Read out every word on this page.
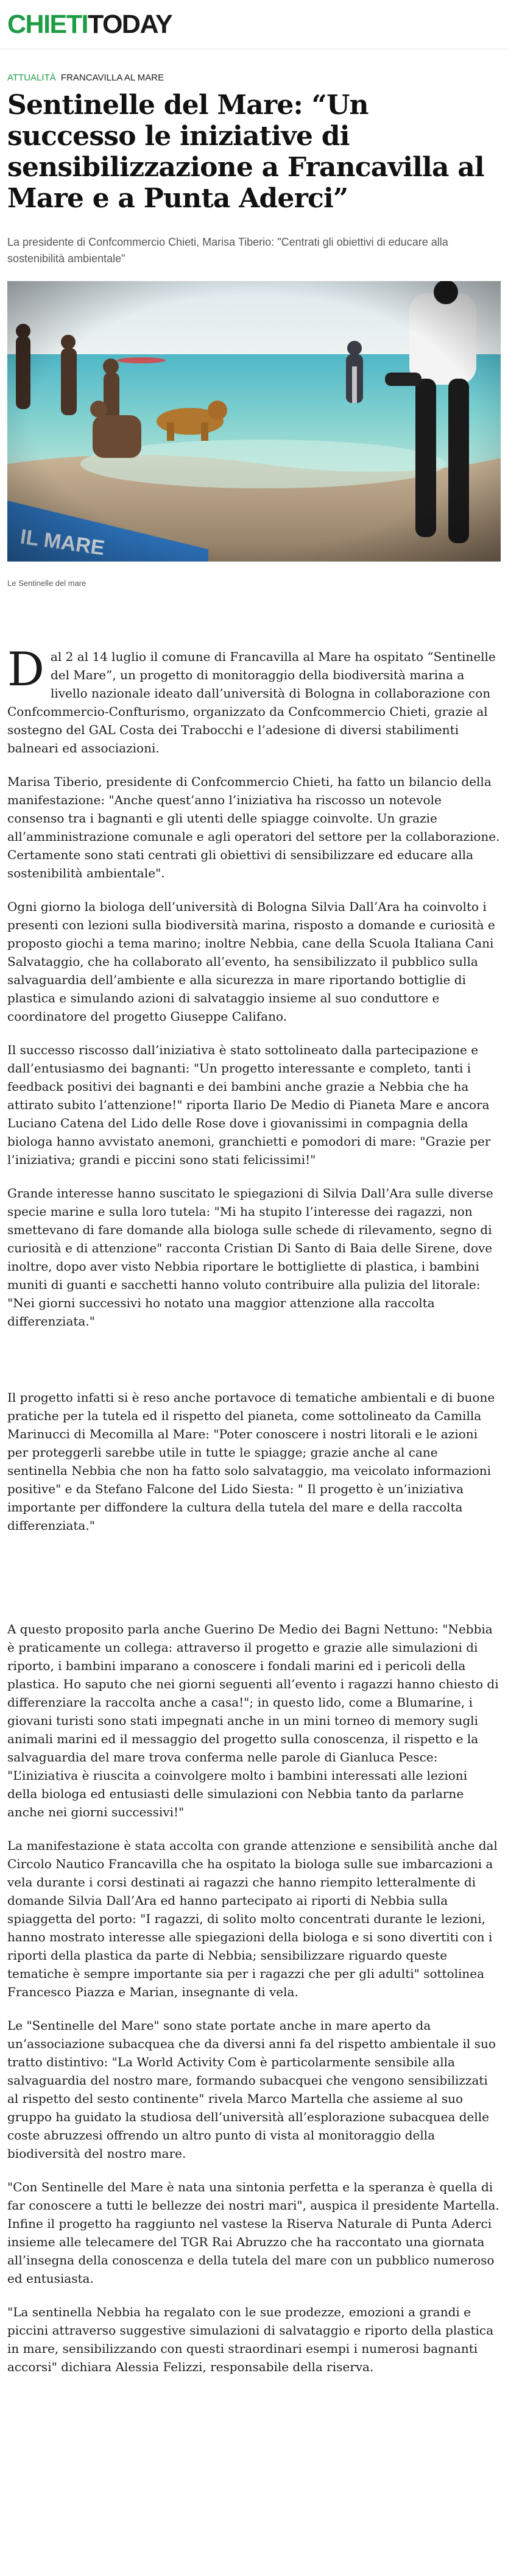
CHIETITODAY
ATTUALITÀ FRANCAVILLA AL MARE
Sentinelle del Mare: “Un successo le iniziative di sensibilizzazione a Francavilla al Mare e a Punta Aderci”
La presidente di Confcommercio Chieti, Marisa Tiberio: "Centrati gli obiettivi di educare alla sostenibilità ambientale"
Le Sentinelle del mare

Dal 2 al 14 luglio il comune di Francavilla al Mare ha ospitato “Sentinelle del Mare”, un progetto di monitoraggio della biodiversità marina a livello nazionale ideato dall’università di Bologna in collaborazione con Confcommercio-Confturismo, organizzato da Confcommercio Chieti, grazie al sostegno del GAL Costa dei Trabocchi e l’adesione di diversi stabilimenti balneari ed associazioni.

Marisa Tiberio, presidente di Confcommercio Chieti, ha fatto un bilancio della manifestazione: "Anche quest’anno l’iniziativa ha riscosso un notevole consenso tra i bagnanti e gli utenti delle spiagge coinvolte. Un grazie all’amministrazione comunale e agli operatori del settore per la collaborazione. Certamente sono stati centrati gli obiettivi di sensibilizzare ed educare alla sostenibilità ambientale".

Ogni giorno la biologa dell’università di Bologna Silvia Dall’Ara ha coinvolto i presenti con lezioni sulla biodiversità marina, risposto a domande e curiosità e proposto giochi a tema marino; inoltre Nebbia, cane della Scuola Italiana Cani Salvataggio, che ha collaborato all’evento, ha sensibilizzato il pubblico sulla salvaguardia dell’ambiente e alla sicurezza in mare riportando bottiglie di plastica e simulando azioni di salvataggio insieme al suo conduttore e coordinatore del progetto Giuseppe Califano.

Il successo riscosso dall’iniziativa è stato sottolineato dalla partecipazione e dall’entusiasmo dei bagnanti: "Un progetto interessante e completo, tanti i feedback positivi dei bagnanti e dei bambini anche grazie a Nebbia che ha attirato subito l’attenzione!" riporta Ilario De Medio di Pianeta Mare e ancora Luciano Catena del Lido delle Rose dove i giovanissimi in compagnia della biologa hanno avvistato anemoni, granchietti e pomodori di mare: "Grazie per l’iniziativa; grandi e piccini sono stati felicissimi!"

Grande interesse hanno suscitato le spiegazioni di Silvia Dall’Ara sulle diverse specie marine e sulla loro tutela: "Mi ha stupito l’interesse dei ragazzi, non smettevano di fare domande alla biologa sulle schede di rilevamento, segno di curiosità e di attenzione" racconta Cristian Di Santo di Baia delle Sirene, dove inoltre, dopo aver visto Nebbia riportare le bottigliette di plastica, i bambini muniti di guanti e sacchetti hanno voluto contribuire alla pulizia del litorale: "Nei giorni successivi ho notato una maggior attenzione alla raccolta differenziata."

Il progetto infatti si è reso anche portavoce di tematiche ambientali e di buone pratiche per la tutela ed il rispetto del pianeta, come sottolineato da Camilla Marinucci di Mecomilla al Mare: "Poter conoscere i nostri litorali e le azioni per proteggerli sarebbe utile in tutte le spiagge; grazie anche al cane sentinella Nebbia che non ha fatto solo salvataggio, ma veicolato informazioni positive" e da Stefano Falcone del Lido Siesta: " Il progetto è un’iniziativa importante per diffondere la cultura della tutela del mare e della raccolta differenziata."

A questo proposito parla anche Guerino De Medio dei Bagni Nettuno: "Nebbia è praticamente un collega: attraverso il progetto e grazie alle simulazioni di riporto, i bambini imparano a conoscere i fondali marini ed i pericoli della plastica. Ho saputo che nei giorni seguenti all’evento i ragazzi hanno chiesto di differenziare la raccolta anche a casa!"; in questo lido, come a Blumarine, i giovani turisti sono stati impegnati anche in un mini torneo di memory sugli animali marini ed il messaggio del progetto sulla conoscenza, il rispetto e la salvaguardia del mare trova conferma nelle parole di Gianluca Pesce: "L’iniziativa è riuscita a coinvolgere molto i bambini interessati alle lezioni della biologa ed entusiasti delle simulazioni con Nebbia tanto da parlarne anche nei giorni successivi!"

La manifestazione è stata accolta con grande attenzione e sensibilità anche dal Circolo Nautico Francavilla che ha ospitato la biologa sulle sue imbarcazioni a vela durante i corsi destinati ai ragazzi che hanno riempito letteralmente di domande Silvia Dall’Ara ed hanno partecipato ai riporti di Nebbia sulla spiaggetta del porto: "I ragazzi, di solito molto concentrati durante le lezioni, hanno mostrato interesse alle spiegazioni della biologa e si sono divertiti con i riporti della plastica da parte di Nebbia; sensibilizzare riguardo queste tematiche è sempre importante sia per i ragazzi che per gli adulti" sottolinea Francesco Piazza e Marian, insegnante di vela.

Le "Sentinelle del Mare" sono state portate anche in mare aperto da un’associazione subacquea che da diversi anni fa del rispetto ambientale il suo tratto distintivo: "La World Activity Com è particolarmente sensibile alla salvaguardia del nostro mare, formando subacquei che vengono sensibilizzati al rispetto del sesto continente" rivela Marco Martella che assieme al suo gruppo ha guidato la studiosa dell’università all’esplorazione subacquea delle coste abruzzesi offrendo un altro punto di vista al monitoraggio della biodiversità del nostro mare.

"Con Sentinelle del Mare è nata una sintonia perfetta e la speranza è quella di far conoscere a tutti le bellezze dei nostri mari", auspica il presidente Martella. Infine il progetto ha raggiunto nel vastese la Riserva Naturale di Punta Aderci insieme alle telecamere del TGR Rai Abruzzo che ha raccontato una giornata all’insegna della conoscenza e della tutela del mare con un pubblico numeroso ed entusiasta.

"La sentinella Nebbia ha regalato con le sue prodezze, emozioni a grandi e piccini attraverso suggestive simulazioni di salvataggio e riporto della plastica in mare, sensibilizzando con questi straordinari esempi i numerosi bagnanti accorsi" dichiara Alessia Felizzi, responsabile della riserva.
